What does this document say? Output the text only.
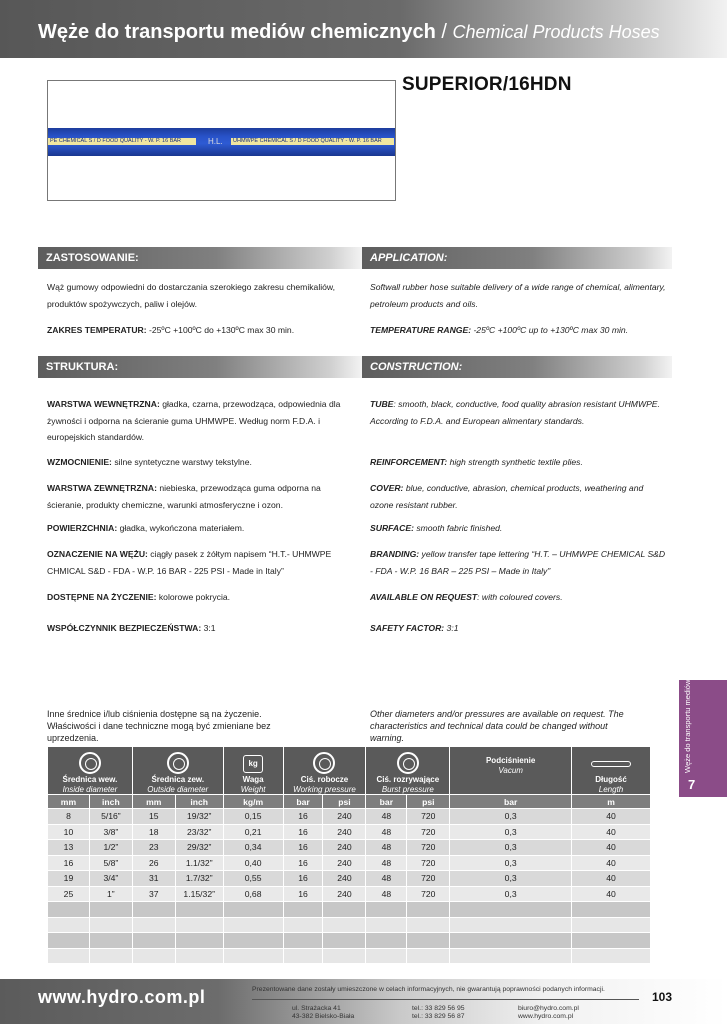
Węże do transportu mediów chemicznych / Chemical Products Hoses
PE CHEMICAL S / D FOOD QUALITY - W. P. 16 BAR	H.L.	UHMWPE CHEMICAL S / D FOOD QUALITY - W. P. 16 BAR
SUPERIOR/16HDN
ZASTOSOWANIE:	APPLICATION:
STRUKTURA:	CONSTRUCTION:
Wąż gumowy odpowiedni do dostarczania szerokiego zakresu chemikaliów, produktów spożywczych, paliw i olejów.
ZAKRES TEMPERATUR: -25ºC +100ºC do +130ºC max 30 min.
WARSTWA WEWNĘTRZNA: gładka, czarna, przewodząca, odpowiednia dla żywności i odporna na ścieranie guma UHMWPE. Według norm F.D.A. i europejskich standardów.
WZMOCNIENIE: silne syntetyczne warstwy tekstylne.
WARSTWA ZEWNĘTRZNA: niebieska, przewodząca guma odporna na ścieranie, produkty chemiczne, warunki atmosferyczne i ozon.
POWIERZCHNIA: gładka, wykończona materiałem.
OZNACZENIE NA WĘŻU: ciągły pasek z żółtym napisem “H.T.- UHMWPE CHMICAL S&D - FDA - W.P. 16 BAR - 225 PSI - Made in Italy”
DOSTĘPNE NA ŻYCZENIE: kolorowe pokrycia.
WSPÓŁCZYNNIK BEZPIECZEŃSTWA: 3:1
Softwall rubber hose suitable delivery of a wide range of chemical, alimentary, petroleum products and oils.
TEMPERATURE RANGE: -25ºC +100ºC up to +130ºC max 30 min.
TUBE: smooth, black, conductive, food quality abrasion resistant UHMWPE. According to F.D.A. and European alimentary standards.
REINFORCEMENT: high strength synthetic textile plies.
COVER: blue, conductive, abrasion, chemical products, weathering and ozone resistant rubber.
SURFACE: smooth fabric finished.
BRANDING: yellow transfer tape lettering “H.T. – UHMWPE CHEMICAL S&D - FDA - W.P. 16 BAR – 225 PSI – Made in Italy”
AVAILABLE ON REQUEST: with coloured covers.
SAFETY FACTOR: 3:1
Inne średnice i/lub ciśnienia dostępne są na życzenie. Właściwości i dane techniczne mogą być zmieniane bez uprzedzenia.
Other diameters and/or pressures are available on request. The characteristics and technical data could be changed without warning.	Węże do transportu mediów chemicznych
7
Średnica wew.
Inside diameter		Średnica zew.
Outside diameter		kg
Waga
Weight	Ciś. robocze
Working pressure		Ciś. rozrywające
Burst pressure		Podciśnienie
Vacum	Długość
Length
mm	inch	mm	inch	kg/m	bar	psi	bar	psi	bar	m
8	5/16”	15	19/32”	0,15	16	240	48	720	0,3	40
10	3/8”	18	23/32”	0,21	16	240	48	720	0,3	40
13	1/2”	23	29/32”	0,34	16	240	48	720	0,3	40
16	5/8”	26	1.1/32”	0,40	16	240	48	720	0,3	40
19	3/4”	31	1.7/32”	0,55	16	240	48	720	0,3	40
25	1”	37	1.15/32”	0,68	16	240	48	720	0,3	40

www.hydro.com.pl	Prezentowane dane zostały umieszczone w celach informacyjnych, nie gwarantują poprawności podanych informacji.
ul. Strażacka 41
43-382 Bielsko-Biała
tel.: 33 829 56 95
tel.: 33 829 56 87
biuro@hydro.com.pl
www.hydro.com.pl
103
